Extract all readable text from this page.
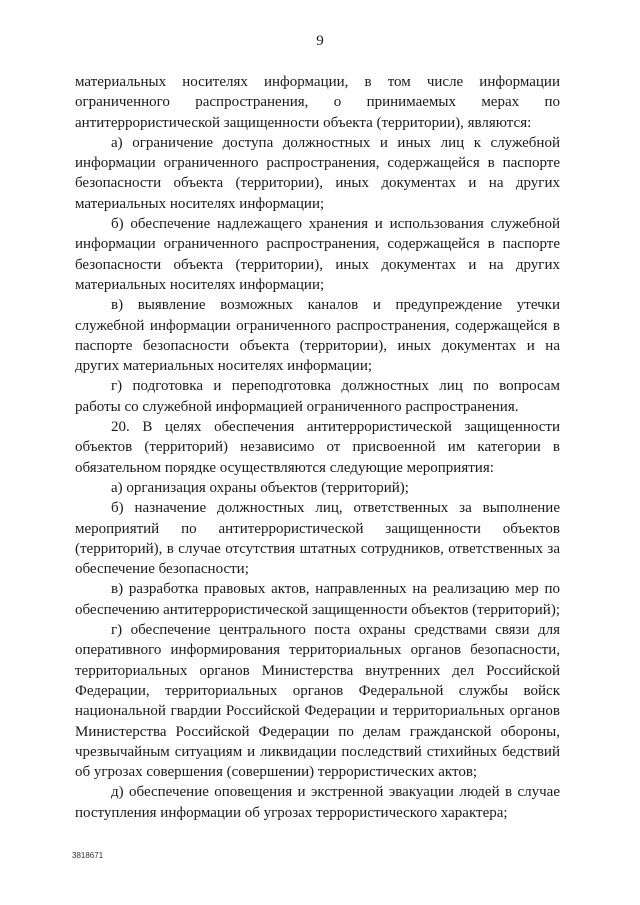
9

материальных носителях информации, в том числе информации ограниченного распространения, о принимаемых мерах по антитеррористической защищенности объекта (территории), являются:

а) ограничение доступа должностных и иных лиц к служебной информации ограниченного распространения, содержащейся в паспорте безопасности объекта (территории), иных документах и на других материальных носителях информации;

б) обеспечение надлежащего хранения и использования служебной информации ограниченного распространения, содержащейся в паспорте безопасности объекта (территории), иных документах и на других материальных носителях информации;

в) выявление возможных каналов и предупреждение утечки служебной информации ограниченного распространения, содержащейся в паспорте безопасности объекта (территории), иных документах и на других материальных носителях информации;

г) подготовка и переподготовка должностных лиц по вопросам работы со служебной информацией ограниченного распространения.

20. В целях обеспечения антитеррористической защищенности объектов (территорий) независимо от присвоенной им категории в обязательном порядке осуществляются следующие мероприятия:

а) организация охраны объектов (территорий);

б) назначение должностных лиц, ответственных за выполнение мероприятий по антитеррористической защищенности объектов (территорий), в случае отсутствия штатных сотрудников, ответственных за обеспечение безопасности;

в) разработка правовых актов, направленных на реализацию мер по обеспечению антитеррористической защищенности объектов (территорий);

г) обеспечение центрального поста охраны средствами связи для оперативного информирования территориальных органов безопасности, территориальных органов Министерства внутренних дел Российской Федерации, территориальных органов Федеральной службы войск национальной гвардии Российской Федерации и территориальных органов Министерства Российской Федерации по делам гражданской обороны, чрезвычайным ситуациям и ликвидации последствий стихийных бедствий об угрозах совершения (совершении) террористических актов;

д) обеспечение оповещения и экстренной эвакуации людей в случае поступления информации об угрозах террористического характера;

3818671
